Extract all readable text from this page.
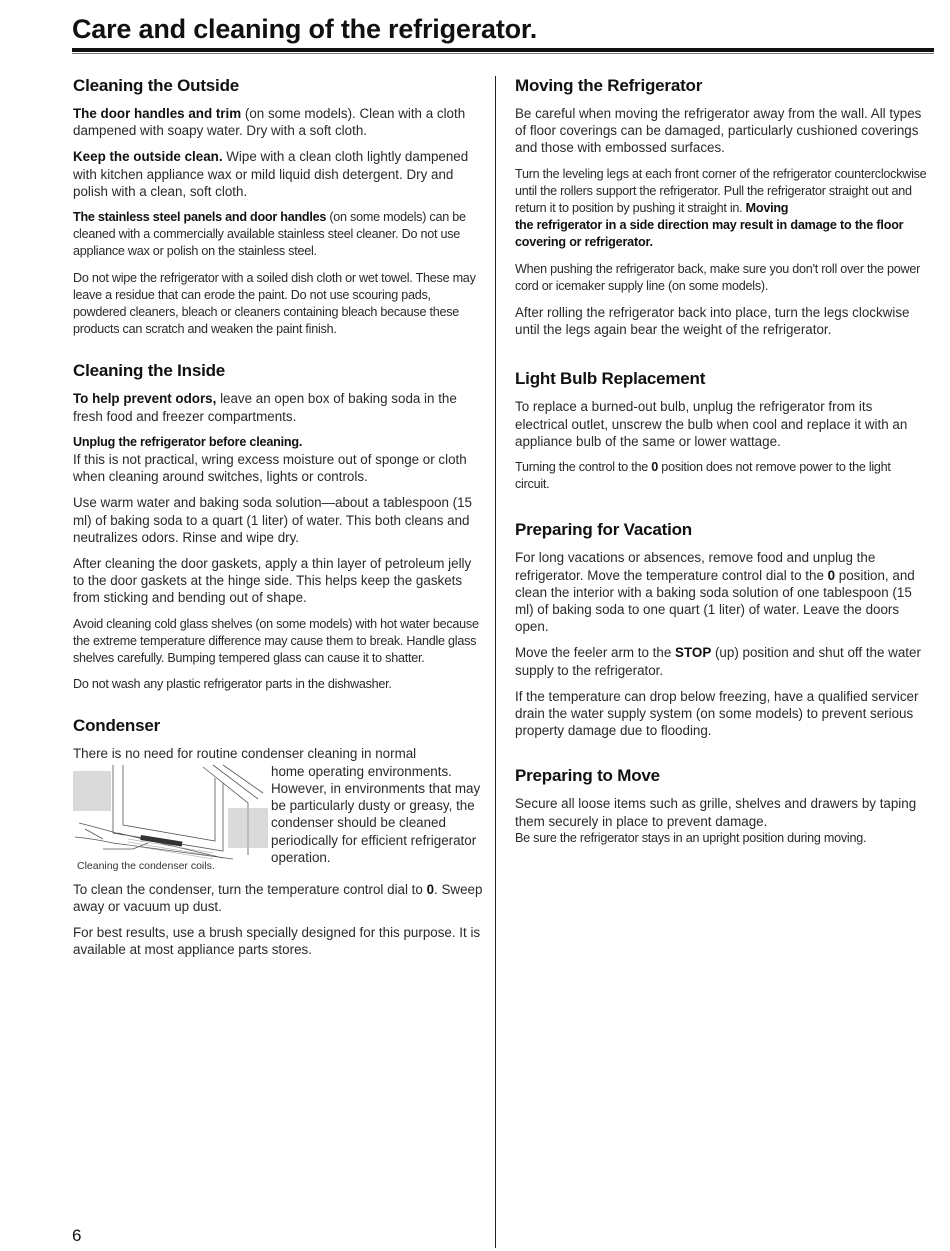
Care and cleaning of the refrigerator.
Cleaning the Outside

The door handles and trim (on some models). Clean with a cloth dampened with soapy water. Dry with a soft cloth.

Keep the outside clean. Wipe with a clean cloth lightly dampened with kitchen appliance wax or mild liquid dish detergent. Dry and polish with a clean, soft cloth.

The stainless steel panels and door handles (on some models) can be cleaned with a commercially available stainless steel cleaner. Do not use appliance wax or polish on the stainless steel.

Do not wipe the refrigerator with a soiled dish cloth or wet towel. These may leave a residue that can erode the paint. Do not use scouring pads, powdered cleaners, bleach or cleaners containing bleach because these products can scratch and weaken the paint finish.

Cleaning the Inside

To help prevent odors, leave an open box of baking soda in the fresh food and freezer compartments.

Unplug the refrigerator before cleaning.
If this is not practical, wring excess moisture out of sponge or cloth when cleaning around switches, lights or controls.

Use warm water and baking soda solution—about a tablespoon (15 ml) of baking soda to a quart (1 liter) of water. This both cleans and neutralizes odors. Rinse and wipe dry.

After cleaning the door gaskets, apply a thin layer of petroleum jelly to the door gaskets at the hinge side. This helps keep the gaskets from sticking and bending out of shape.

Avoid cleaning cold glass shelves (on some models) with hot water because the extreme temperature difference may cause them to break. Handle glass shelves carefully. Bumping tempered glass can cause it to shatter.

Do not wash any plastic refrigerator parts in the dishwasher.

Condenser

There is no need for routine condenser cleaning in normal

Cleaning the condenser coils.
home operating environments. However, in environments that may be particularly dusty or greasy, the condenser should be cleaned periodically for efficient refrigerator operation.

To clean the condenser, turn the temperature control dial to 0. Sweep away or vacuum up dust.

For best results, use a brush specially designed for this purpose. It is available at most appliance parts stores.

Moving the Refrigerator

Be careful when moving the refrigerator away from the wall. All types of floor coverings can be damaged, particularly cushioned coverings and those with embossed surfaces.

Turn the leveling legs at each front corner of the refrigerator counterclockwise until the rollers support the refrigerator. Pull the refrigerator straight out and return it to position by pushing it straight in. Moving
the refrigerator in a side direction may result in damage to the floor covering or refrigerator.

When pushing the refrigerator back, make sure you don't roll over the power cord or icemaker supply line (on some models).

After rolling the refrigerator back into place, turn the legs clockwise until the legs again bear the weight of the refrigerator.

Light Bulb Replacement

To replace a burned-out bulb, unplug the refrigerator from its electrical outlet, unscrew the bulb when cool and replace it with an appliance bulb of the same or lower wattage.

Turning the control to the 0 position does not remove power to the light circuit.

Preparing for Vacation

For long vacations or absences, remove food and unplug the refrigerator. Move the temperature control dial to the 0 position, and clean the interior with a baking soda solution of one tablespoon (15 ml) of baking soda to one quart (1 liter) of water. Leave the doors open.

Move the feeler arm to the STOP (up) position and shut off the water supply to the refrigerator.

If the temperature can drop below freezing, have a qualified servicer drain the water supply system (on some models) to prevent serious property damage due to flooding.

Preparing to Move

Secure all loose items such as grille, shelves and drawers by taping them securely in place to prevent damage.

Be sure the refrigerator stays in an upright position during moving.

6
